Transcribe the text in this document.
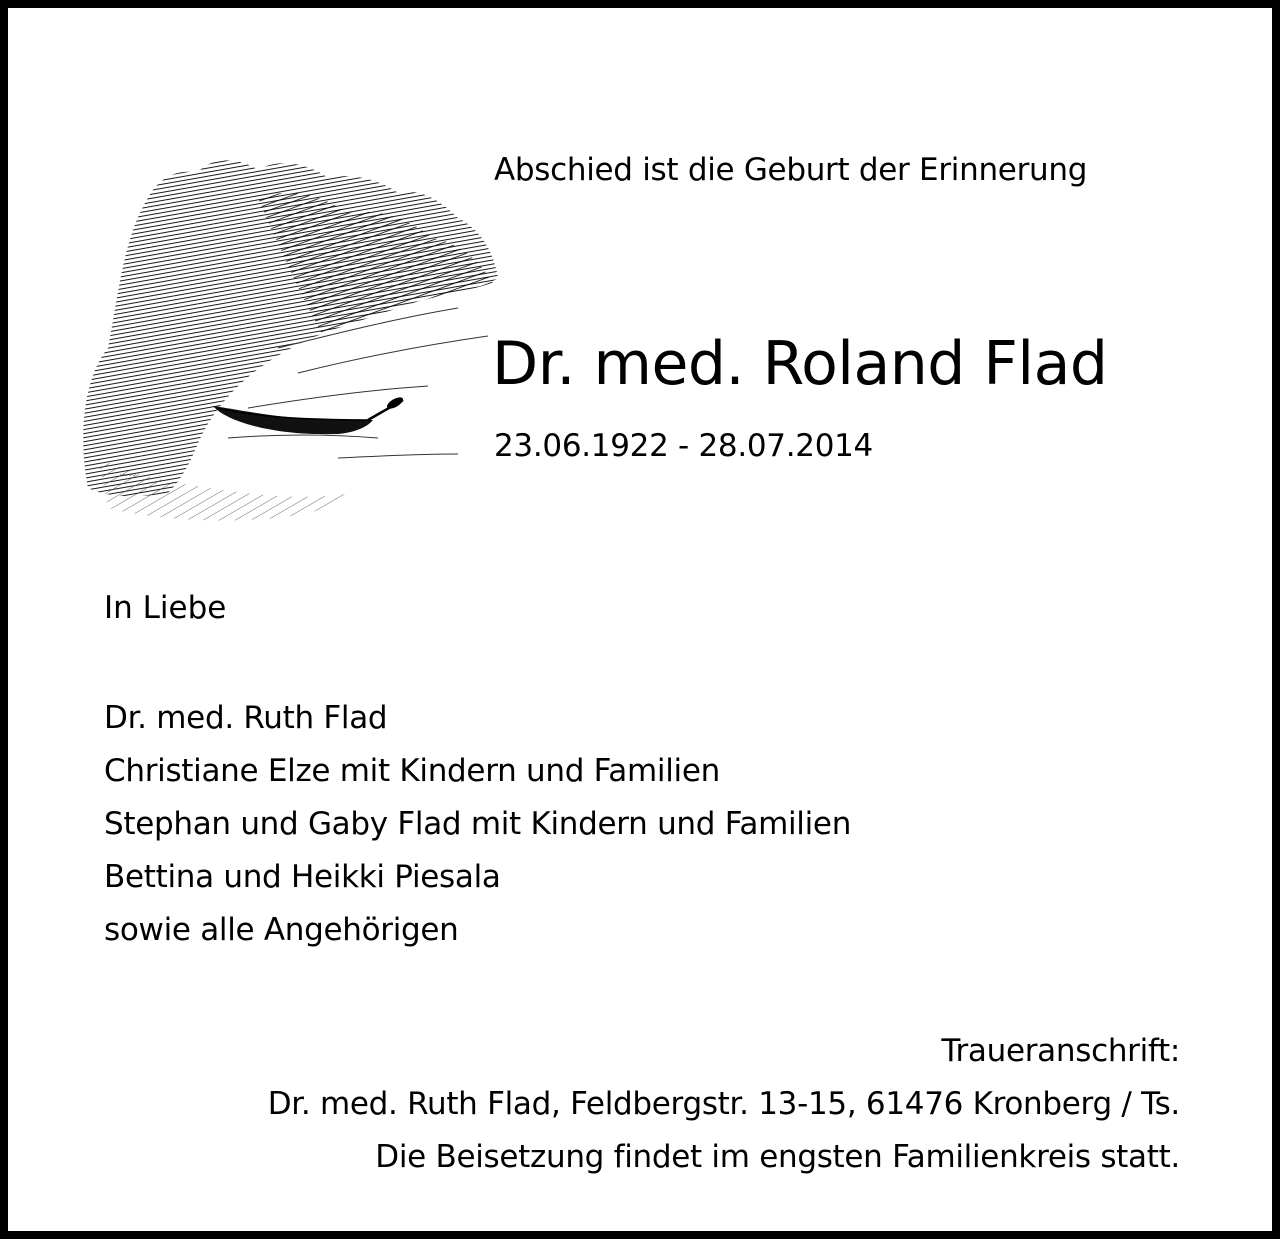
〰〰
Abschied ist die Geburt der Erinnerung
Dr. med. Roland Flad
23.06.1922 - 28.07.2014
In Liebe
Dr. med. Ruth Flad
Christiane Elze mit Kindern und Familien
Stephan und Gaby Flad mit Kindern und Familien
Bettina und Heikki Piesala
sowie alle Angehörigen
Traueranschrift:
Dr. med. Ruth Flad, Feldbergstr. 13-15, 61476 Kronberg / Ts.
Die Beisetzung findet im engsten Familienkreis statt.
